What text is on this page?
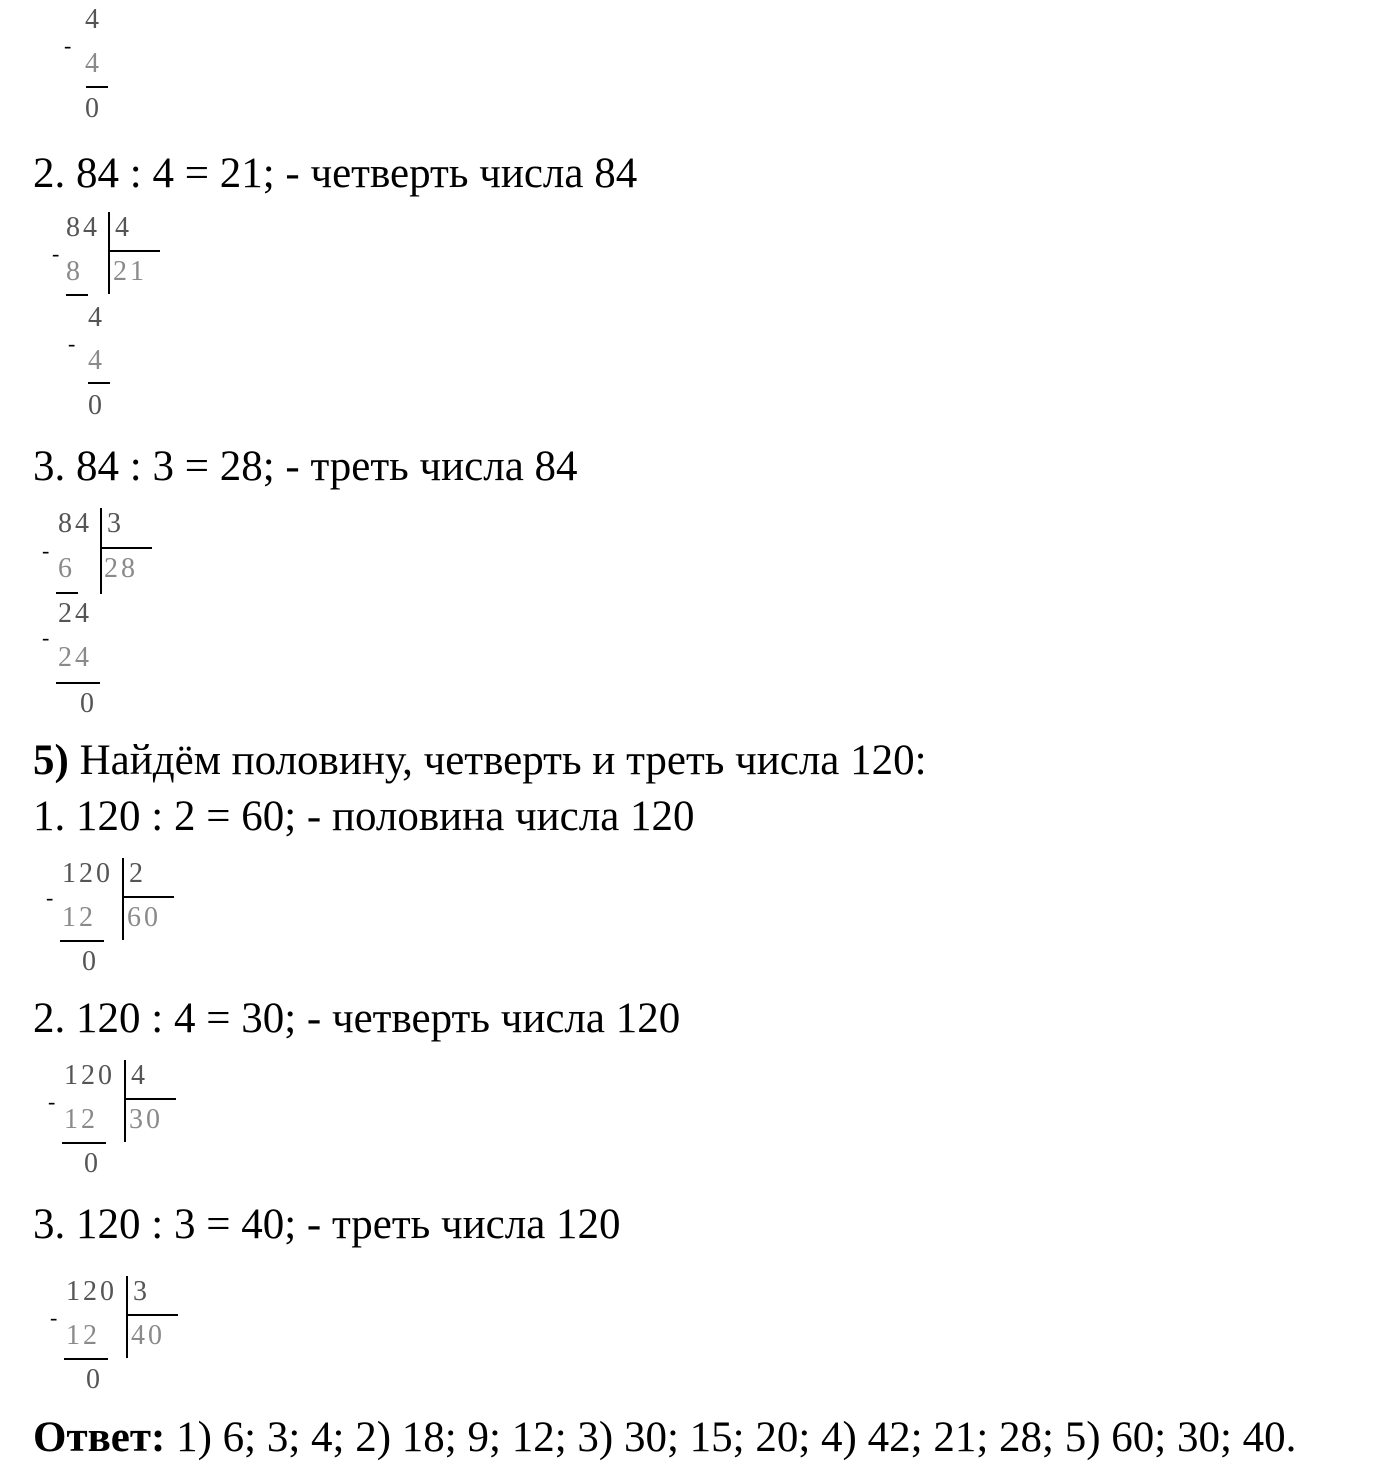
4
-
4
0
2. 84 : 4 = 21; - четверть числа 84
84 4
-
8 21
4
-
4
0
3. 84 : 3 = 28; - треть числа 84
84 3
-
6 28
24
-
24
0
5) Найдём половину, четверть и треть числа 120:
1. 120 : 2 = 60; - половина числа 120
120 2
-
12 60
0
2. 120 : 4 = 30; - четверть числа 120
120 4
-
12 30
0
3. 120 : 3 = 40; - треть числа 120
120 3
-
12 40
0
Ответ: 1) 6; 3; 4; 2) 18; 9; 12; 3) 30; 15; 20; 4) 42; 21; 28; 5) 60; 30; 40.
